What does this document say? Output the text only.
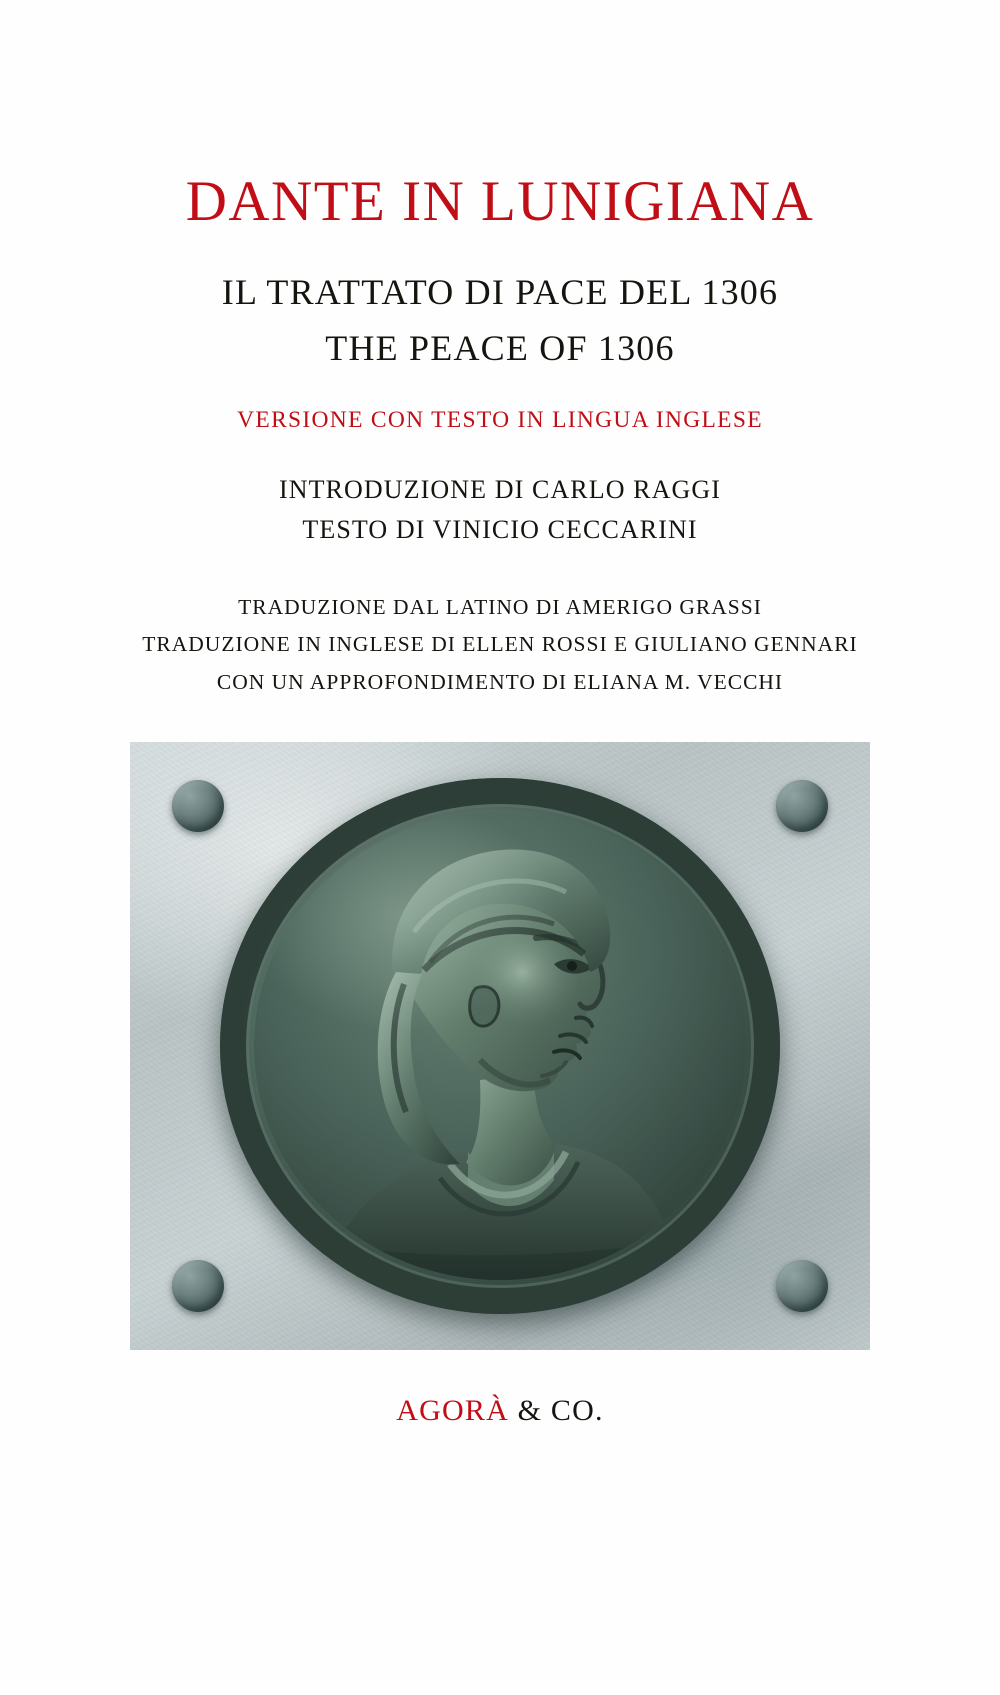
DANTE IN LUNIGIANA
IL TRATTATO DI PACE DEL 1306
THE PEACE OF 1306
VERSIONE CON TESTO IN LINGUA INGLESE
INTRODUZIONE DI CARLO RAGGI
TESTO DI VINICIO CECCARINI
TRADUZIONE DAL LATINO DI AMERIGO GRASSI
TRADUZIONE IN INGLESE DI ELLEN ROSSI E GIULIANO GENNARI
CON UN APPROFONDIMENTO DI ELIANA M. VECCHI
AGORÀ & CO.
